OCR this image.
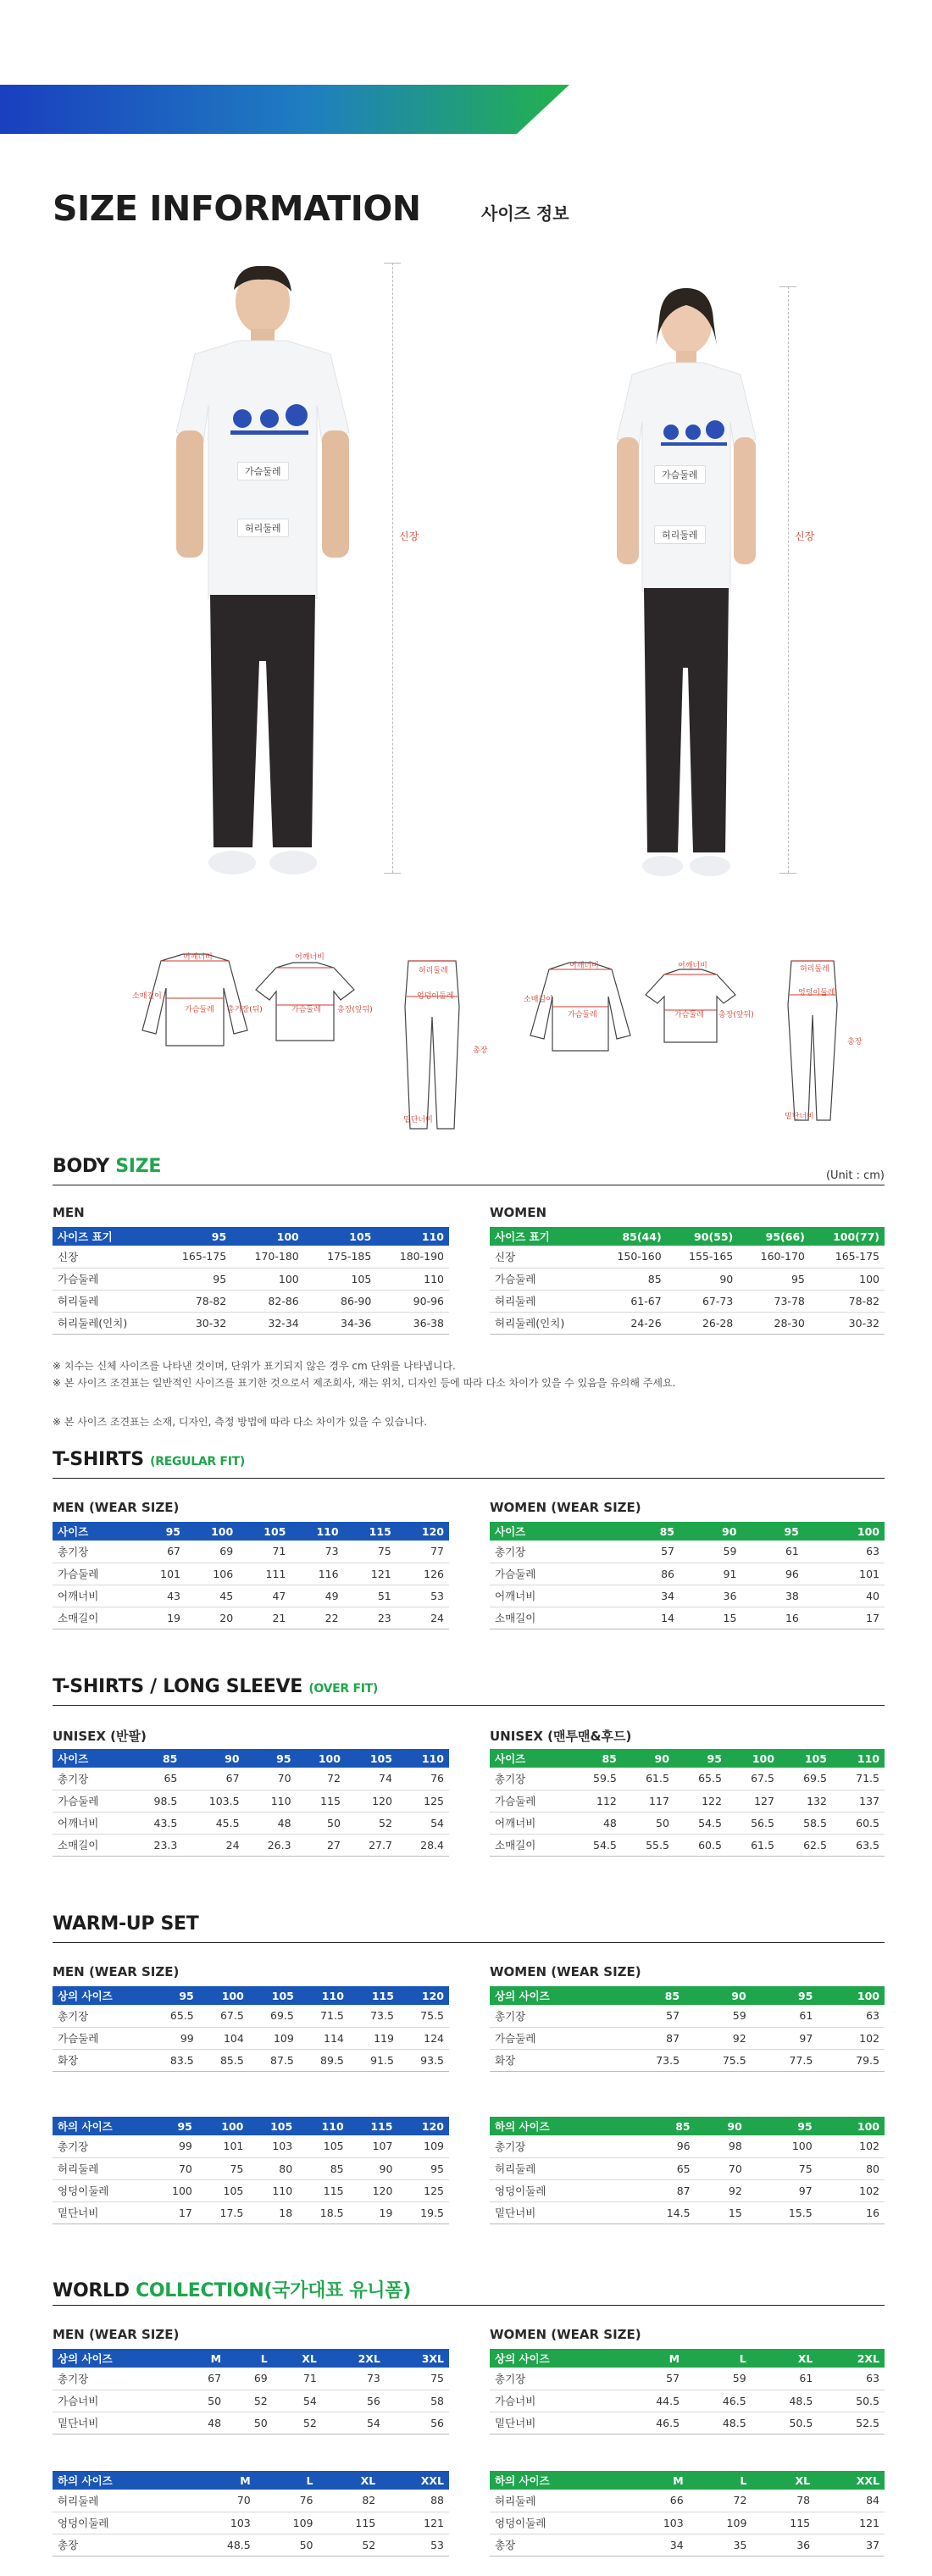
SIZE INFORMATION	사이즈 정보
가슴둘레
허리둘레
신장
가슴둘레
허리둘레	신장
어깨너비
가슴둘레
소매길이
총기장(뒤)
어깨너비
가슴둘레 총장(앞뒤)
허리둘레
엉덩이둘레
밑단너비
총장
어깨너비
가슴둘레
소매길이
어깨너비
가슴둘레 총장(앞뒤)
허리둘레
엉덩이둘레
밑단너비
총장
BODY SIZE	(Unit : cm)
MEN	WOMEN
사이즈 표기	95	100	105	110
신장	165-175	170-180	175-185	180-190
가슴둘레	95	100	105	110
허리둘레	78-82	82-86	86-90	90-96
허리둘레(인치)	30-32	32-34	34-36	36-38
사이즈 표기	85(44)	90(55)	95(66)	100(77)
신장	150-160	155-165	160-170	165-175
가슴둘레	85	90	95	100
허리둘레	61-67	67-73	73-78	78-82
허리둘레(인치)	24-26	26-28	28-30	30-32
※ 치수는 신체 사이즈를 나타낸 것이며, 단위가 표기되지 않은 경우 cm 단위를 나타냅니다.
※ 본 사이즈 조견표는 일반적인 사이즈를 표기한 것으로서 제조회사, 재는 위치, 디자인 등에 따라 다소 차이가 있을 수 있음을 유의해 주세요.
※ 본 사이즈 조견표는 소재, 디자인, 측정 방법에 따라 다소 차이가 있을 수 있습니다.
T-SHIRTS (REGULAR FIT)
MEN (WEAR SIZE)	WOMEN (WEAR SIZE)
사이즈	95	100	105	110	115	120
총기장	67	69	71	73	75	77
가슴둘레	101	106	111	116	121	126
어깨너비	43	45	47	49	51	53
소매길이	19	20	21	22	23	24
사이즈	85	90	95	100
총기장	57	59	61	63
가슴둘레	86	91	96	101
어깨너비	34	36	38	40
소매길이	14	15	16	17
T-SHIRTS / LONG SLEEVE (OVER FIT)
UNISEX (반팔)	UNISEX (맨투맨&후드)
사이즈	85	90	95	100	105	110
총기장	65	67	70	72	74	76
가슴둘레	98.5	103.5	110	115	120	125
어깨너비	43.5	45.5	48	50	52	54
소매길이	23.3	24	26.3	27	27.7	28.4
사이즈	85	90	95	100	105	110
총기장	59.5	61.5	65.5	67.5	69.5	71.5
가슴둘레	112	117	122	127	132	137
어깨너비	48	50	54.5	56.5	58.5	60.5
소매길이	54.5	55.5	60.5	61.5	62.5	63.5
WARM-UP SET
MEN (WEAR SIZE)	WOMEN (WEAR SIZE)
상의 사이즈	95	100	105	110	115	120
총기장	65.5	67.5	69.5	71.5	73.5	75.5
가슴둘레	99	104	109	114	119	124
화장	83.5	85.5	87.5	89.5	91.5	93.5
상의 사이즈	85	90	95	100
총기장	57	59	61	63
가슴둘레	87	92	97	102
화장	73.5	75.5	77.5	79.5
하의 사이즈	95	100	105	110	115	120
총기장	99	101	103	105	107	109
허리둘레	70	75	80	85	90	95
엉덩이둘레	100	105	110	115	120	125
밑단너비	17	17.5	18	18.5	19	19.5
하의 사이즈	85	90	95	100
총기장	96	98	100	102
허리둘레	65	70	75	80
엉덩이둘레	87	92	97	102
밑단너비	14.5	15	15.5	16
WORLD COLLECTION(국가대표 유니폼)
MEN (WEAR SIZE)	WOMEN (WEAR SIZE)
상의 사이즈	M	L	XL	2XL	3XL
총기장	67	69	71	73	75
가슴너비	50	52	54	56	58
밑단너비	48	50	52	54	56
상의 사이즈	M	L	XL	2XL
총기장	57	59	61	63
가슴너비	44.5	46.5	48.5	50.5
밑단너비	46.5	48.5	50.5	52.5
하의 사이즈	M	L	XL	XXL
허리둘레	70	76	82	88
엉덩이둘레	103	109	115	121
총장	48.5	50	52	53
하의 사이즈	M	L	XL	XXL
허리둘레	66	72	78	84
엉덩이둘레	103	109	115	121
총장	34	35	36	37
